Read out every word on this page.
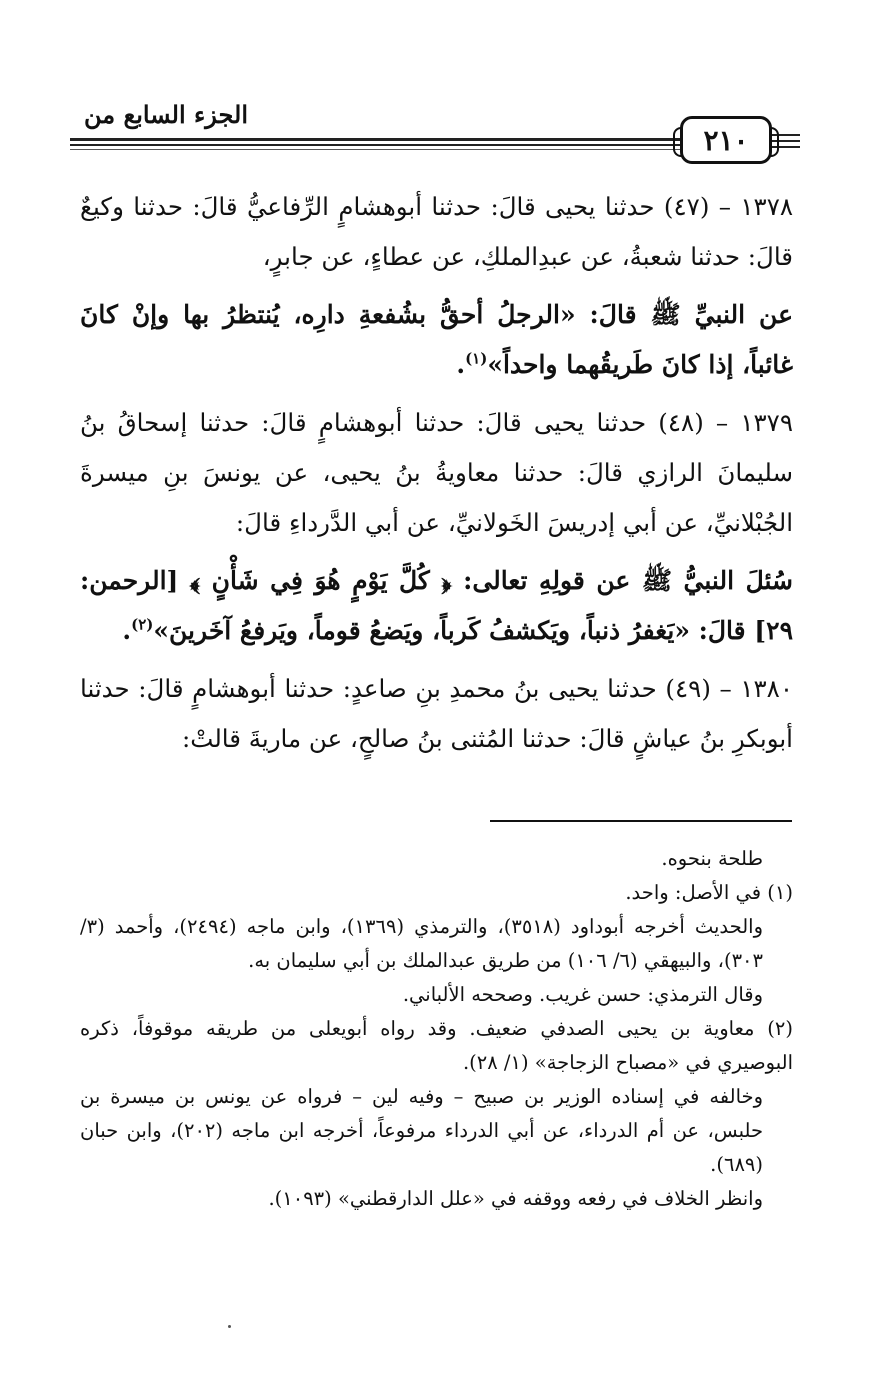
الجزء السابع من
٢١٠

١٣٧٨ – (٤٧) حدثنا يحيى قالَ: حدثنا أبوهشامٍ الرِّفاعيُّ قالَ: حدثنا وكيعٌ قالَ: حدثنا شعبةُ، عن عبدِالملكِ، عن عطاءٍ، عن جابرٍ،

عن النبيِّ ﷺ قالَ: «الرجلُ أحقُّ بشُفعةِ دارِه، يُنتظرُ بها وإنْ كانَ غائباً، إذا كانَ طَريقُهما واحداً»$^{(١)}$.

١٣٧٩ – (٤٨) حدثنا يحيى قالَ: حدثنا أبوهشامٍ قالَ: حدثنا إسحاقُ بنُ سليمانَ الرازي قالَ: حدثنا معاويةُ بنُ يحيى، عن يونسَ بنِ ميسرةَ الجُبْلانيِّ، عن أبي إدريسَ الخَولانيِّ، عن أبي الدَّرداءِ قالَ:

سُئلَ النبيُّ ﷺ عن قولِهِ تعالى: ﴿ كُلَّ يَوْمٍ هُوَ فِي شَأْنٍ ﴾ [الرحمن: ٢٩] قالَ: «يَغفرُ ذنباً، ويَكشفُ كَرباً، ويَضعُ قوماً، ويَرفعُ آخَرينَ»$^{(٢)}$.

١٣٨٠ – (٤٩) حدثنا يحيى بنُ محمدِ بنِ صاعدٍ: حدثنا أبوهشامٍ قالَ: حدثنا أبوبكرِ بنُ عياشٍ قالَ: حدثنا المُثنى بنُ صالحٍ، عن ماريةَ قالتْ:

طلحة بنحوه.

(١) في الأصل: واحد.

والحديث أخرجه أبوداود (٣٥١٨)، والترمذي (١٣٦٩)، وابن ماجه (٢٤٩٤)، وأحمد (٣/ ٣٠٣)، والبيهقي (٦/ ١٠٦) من طريق عبدالملك بن أبي سليمان به.

وقال الترمذي: حسن غريب. وصححه الألباني.

(٢) معاوية بن يحيى الصدفي ضعيف. وقد رواه أبويعلى من طريقه موقوفاً، ذكره البوصيري في «مصباح الزجاجة» (١/ ٢٨).

وخالفه في إسناده الوزير بن صبيح – وفيه لين – فرواه عن يونس بن ميسرة بن حلبس، عن أم الدرداء، عن أبي الدرداء مرفوعاً، أخرجه ابن ماجه (٢٠٢)، وابن حبان (٦٨٩).

وانظر الخلاف في رفعه ووقفه في «علل الدارقطني» (١٠٩٣).
